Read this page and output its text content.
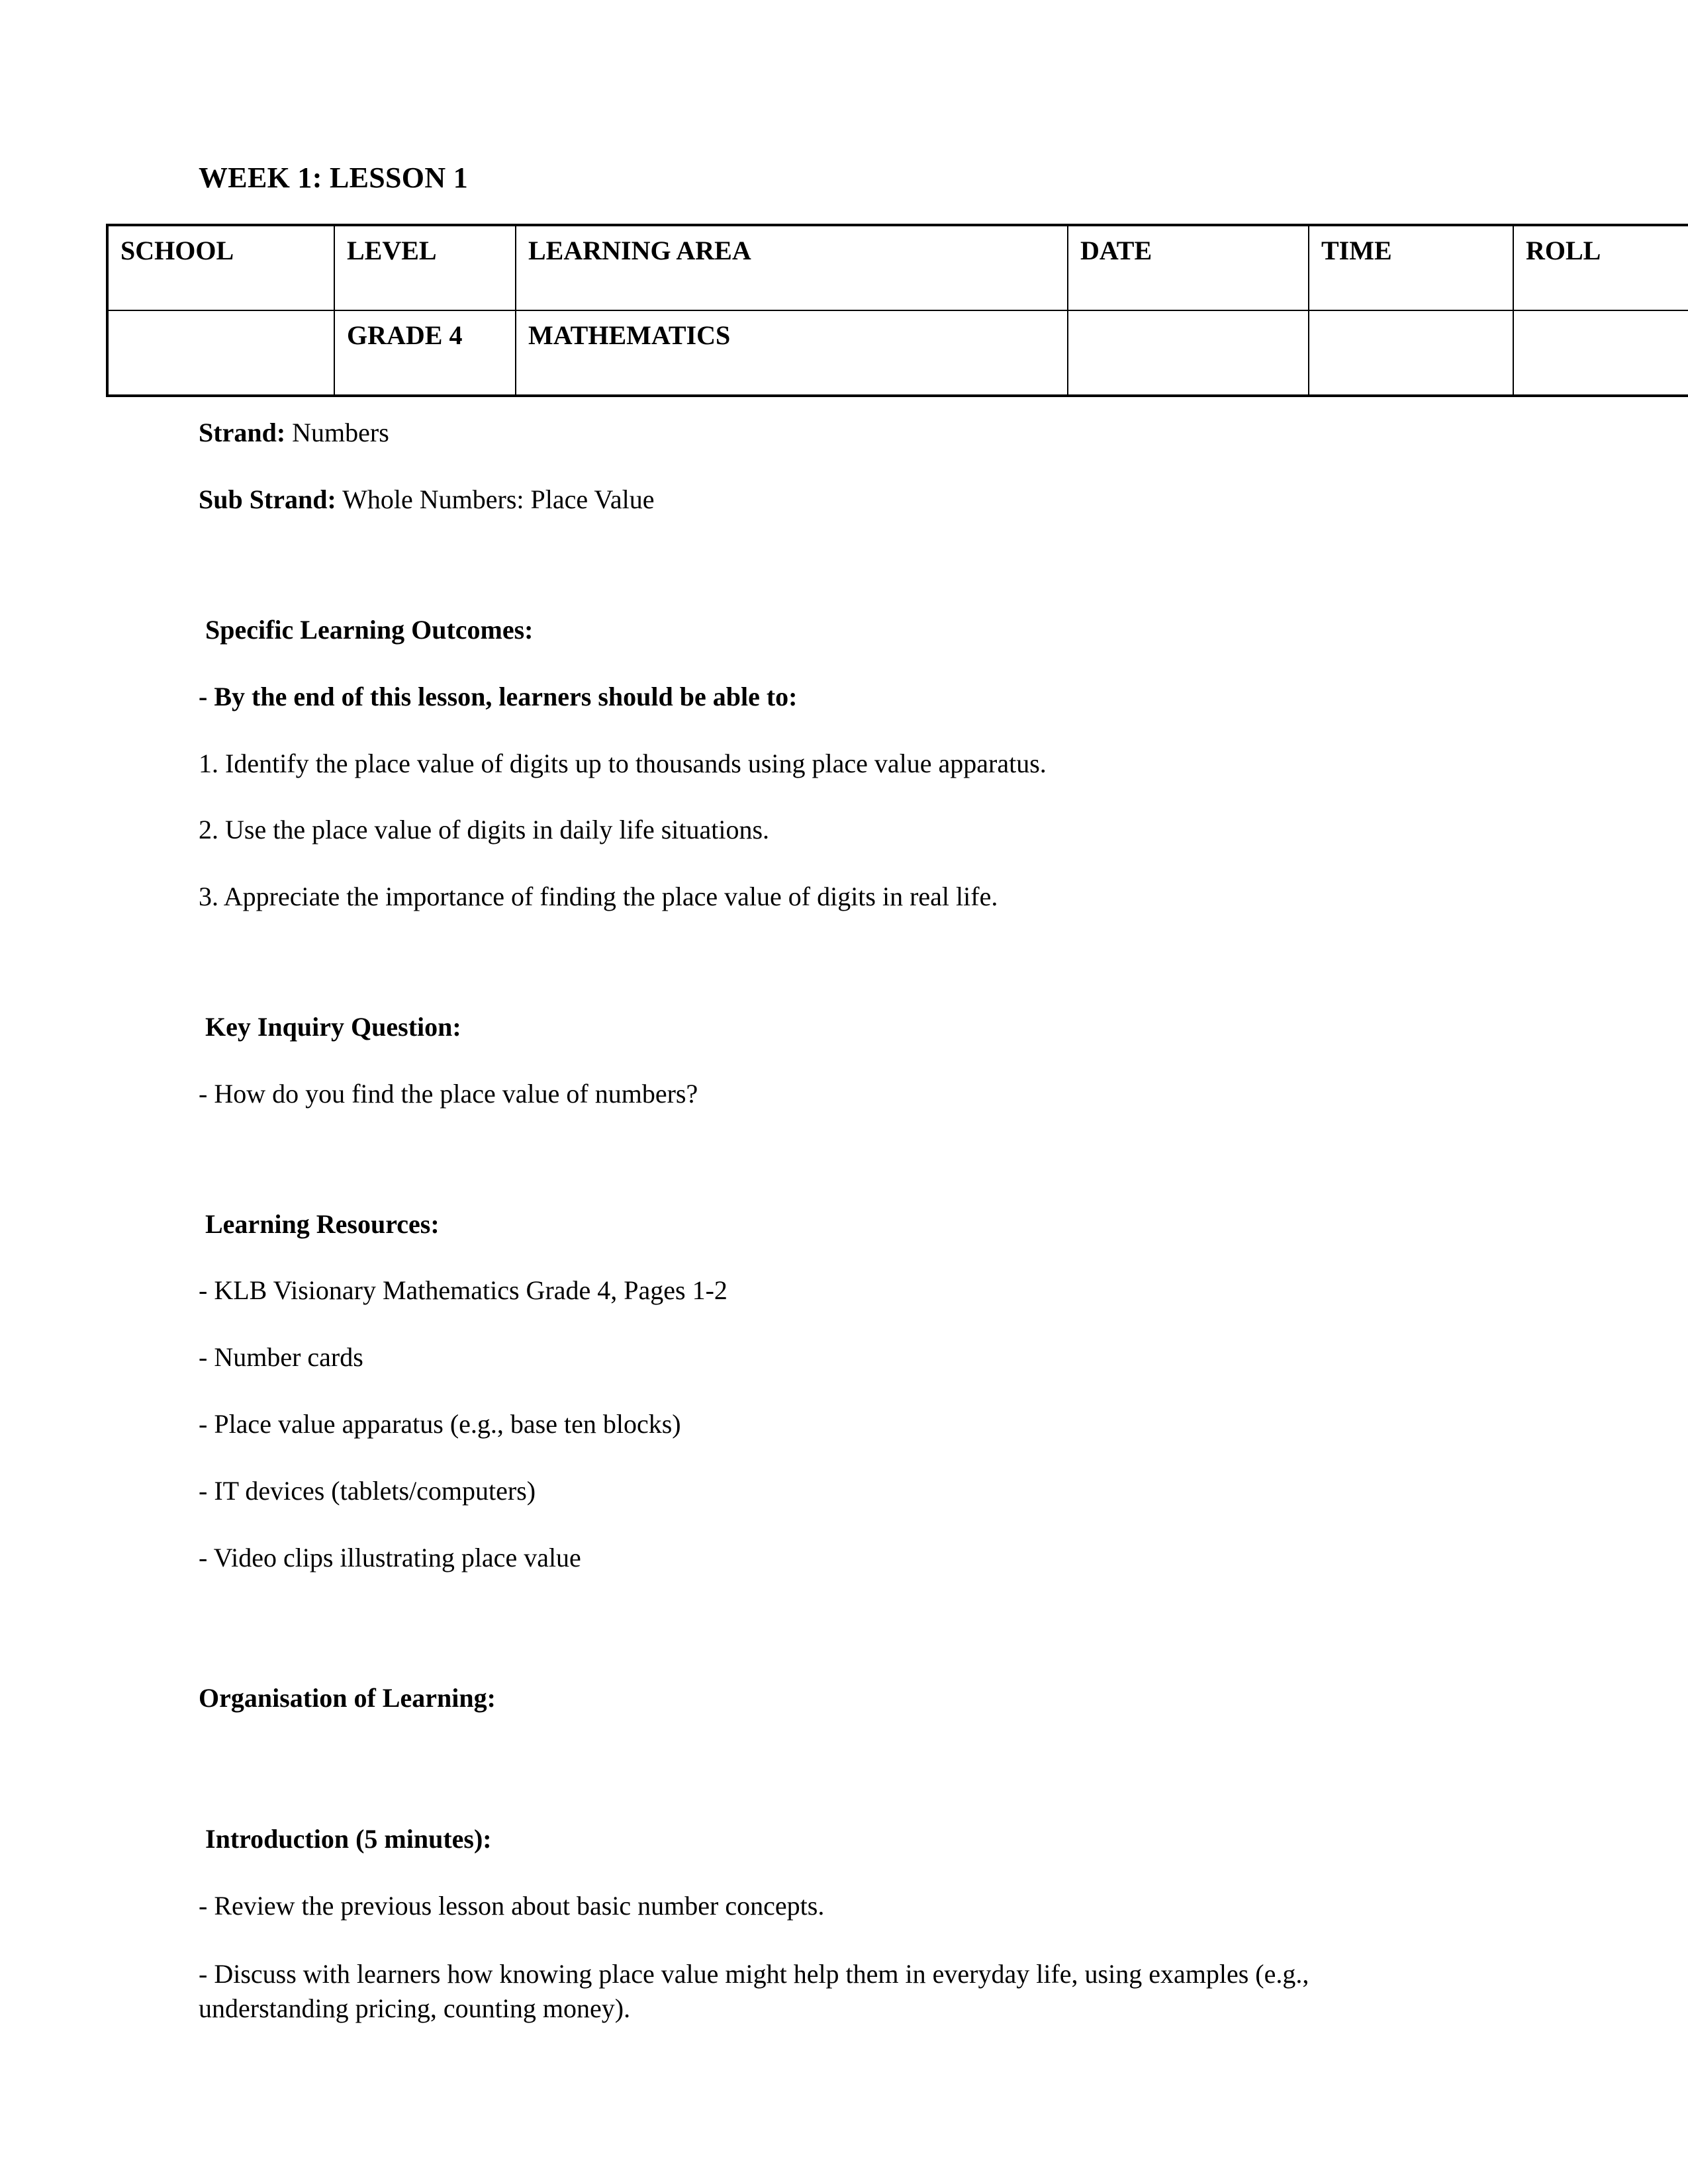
WEEK 1: LESSON 1
SCHOOL	LEVEL	LEARNING AREA	DATE	TIME	ROLL
	GRADE 4	MATHEMATICS			

Strand: Numbers

Sub Strand: Whole Numbers: Place Value

Specific Learning Outcomes:

- By the end of this lesson, learners should be able to:

1. Identify the place value of digits up to thousands using place value apparatus.

2. Use the place value of digits in daily life situations.

3. Appreciate the importance of finding the place value of digits in real life.

Key Inquiry Question:

- How do you find the place value of numbers?

Learning Resources:

- KLB Visionary Mathematics Grade 4, Pages 1-2

- Number cards

- Place value apparatus (e.g., base ten blocks)

- IT devices (tablets/computers)

- Video clips illustrating place value

Organisation of Learning:

Introduction (5 minutes):

- Review the previous lesson about basic number concepts.

- Discuss with learners how knowing place value might help them in everyday life, using examples (e.g., understanding pricing, counting money).
